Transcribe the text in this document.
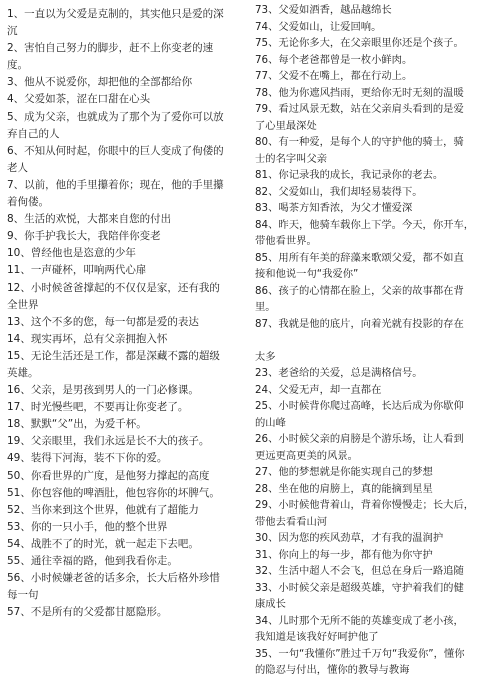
1、一直以为父爱是克制的，其实他只是爱的深
沉
2、害怕自己努力的脚步，赶不上你变老的速
度。
3、他从不说爱你，却把他的全部都给你
4、父爱如茶，涩在口甜在心头
5、成为父亲，也就成为了那个为了爱你可以放
弃自己的人
6、不知从何时起，你眼中的巨人变成了佝偻的
老人
7、以前，他的手里攥着你；现在，他的手里攥
着佝偻。
8、生活的欢悦，大都来自您的付出
9、你手护我长大，我陪伴你变老
10、曾经他也是恣意的少年
11、一声碰杯，叩响两代心扉
12、小时候爸爸撑起的不仅仅是家，还有我的
全世界
13、这个不多的您，每一句都是爱的表达
14、现实再坏，总有父亲拥抱入怀
15、无论生活还是工作，都是深藏不露的超级
英雄。
16、父亲，是男孩到男人的一门必修课。
17、时光慢些吧，不要再让你变老了。
18、默默“父”出，为爱千杯。
19、父亲眼里，我们永远是长不大的孩子。
49、装得下河海，装不下你的爱。
50、你看世界的广度，是他努力撑起的高度
51、你包容他的啤酒肚，他包容你的坏脾气。
52、当你来到这个世界，他就有了超能力
53、你的一只小手，他的整个世界
54、战胜不了的时光，就一起走下去吧。
55、通往幸福的路，他到我看你走。
56、小时候嫌老爸的话多余，长大后格外珍惜
每一句
57、不是所有的父爱都甘愿隐形。
73、父爱如酒香，越品越绵长
74、父爱如山，让爱回响。
75、无论你多大，在父亲眼里你还是个孩子。
76、每个老爸都曾是一枚小鲜肉。
77、父爱不在嘴上，都在行动上。
78、他为你遮风挡雨，更给你无时无刻的温暖
79、看过风景无数，站在父亲肩头看到的是爱
了心里最深处
80、有一种爱，是每个人的守护他的骑士，骑
士的名字叫父亲
81、你记录我的成长，我记录你的老去。
82、父爱如山，我们却轻易装得下。
83、喝茶方知香浓，为父才懂爱深
84、昨天，他骑车载你上下学。今天，你开车，
带他看世界。
85、用所有年美的辞藻来歌颂父爱，都不如直
接和他说一句“我爱你”
86、孩子的心情都在脸上，父亲的故事都在背
里。
87、我就是他的底片，向着光就有投影的存在
太多
23、老爸给的关爱，总是满格信号。
24、父爱无声，却一直都在
25、小时候背你爬过高峰，长达后成为你歇仰
的山峰
26、小时候父亲的肩膀是个游乐场，让人看到
更远更高更美的风景。
27、他的梦想就是你能实现自己的梦想
28、坐在他的肩膀上，真的能摘到星星
29、小时候他背着山，背着你慢慢走；长大后，
带他去看看山河
30、因为您的疾风劲草，才有我的温润护
31、你向上的每一步，都有他为你守护
32、生活中超人不会飞，但总在身后一路追随
33、小时候父亲是超级英雄，守护着我们的健
康成长
34、儿时那个无所不能的英雄变成了老小孩，
我知道是该我好好呵护他了
35、一句“我懂你”胜过千万句“我爱你”，懂你
的隐忍与付出，懂你的教导与教诲
